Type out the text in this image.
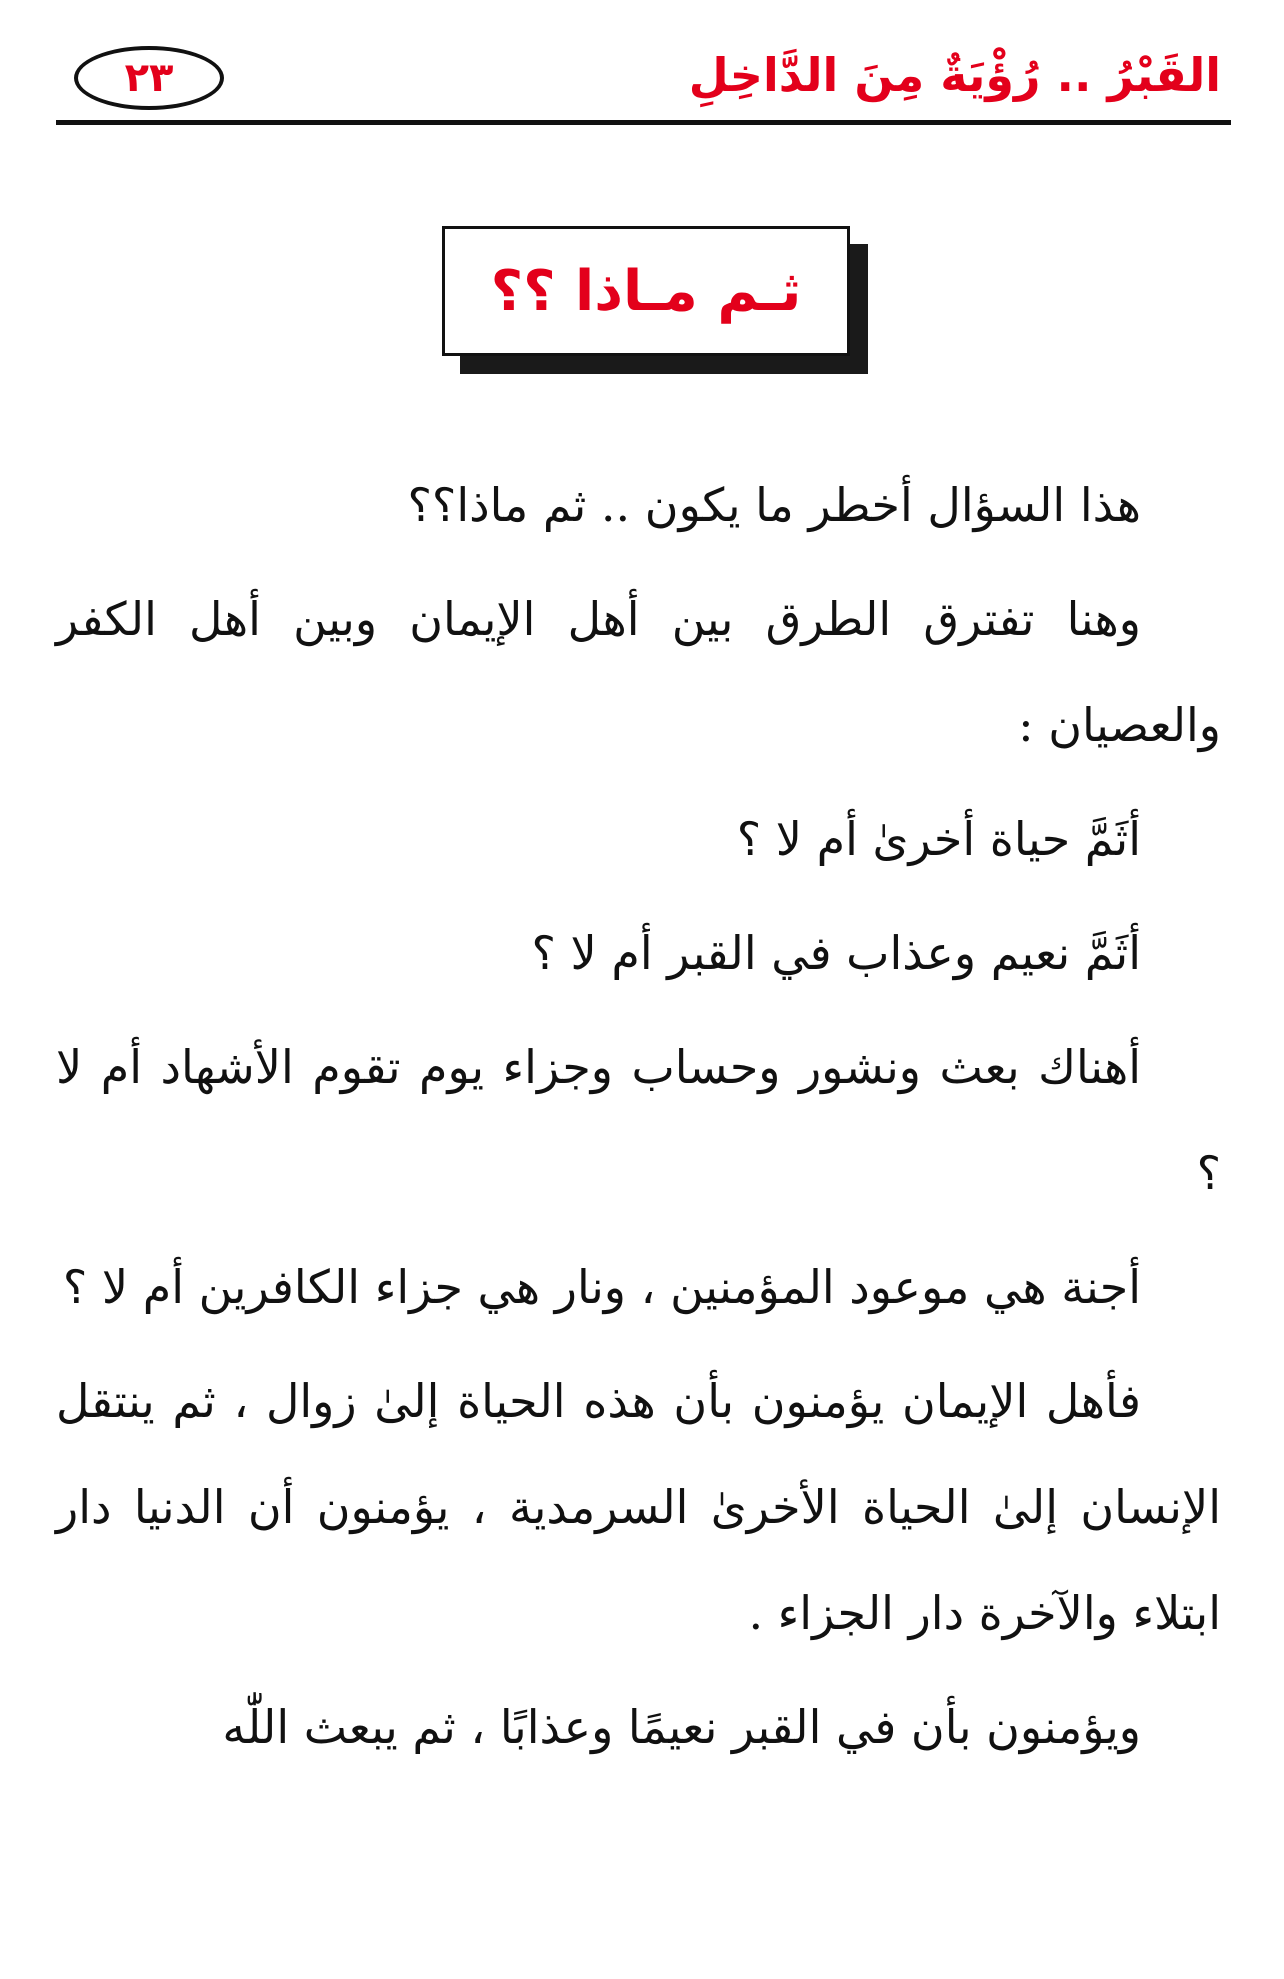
القَبْرُ .. رُؤْيَةٌ مِنَ الدَّاخِلِ
٢٣
ثـم مـاذا ؟؟

هذا السؤال أخطر ما يكون .. ثم ماذا؟؟

وهنا تفترق الطرق بين أهل الإيمان وبين أهل الكفر والعصيان :

أثَمَّ حياة أخرىٰ أم لا ؟

أثَمَّ نعيم وعذاب في القبر أم لا ؟

أهناك بعث ونشور وحساب وجزاء يوم تقوم الأشهاد أم لا ؟

أجنة هي موعود المؤمنين ، ونار هي جزاء الكافرين أم لا ؟

فأهل الإيمان يؤمنون بأن هذه الحياة إلىٰ زوال ، ثم ينتقل الإنسان إلىٰ الحياة الأخرىٰ السرمدية ، يؤمنون أن الدنيا دار ابتلاء والآخرة دار الجزاء .

ويؤمنون بأن في القبر نعيمًا وعذابًا ، ثم يبعث اللّٰه
